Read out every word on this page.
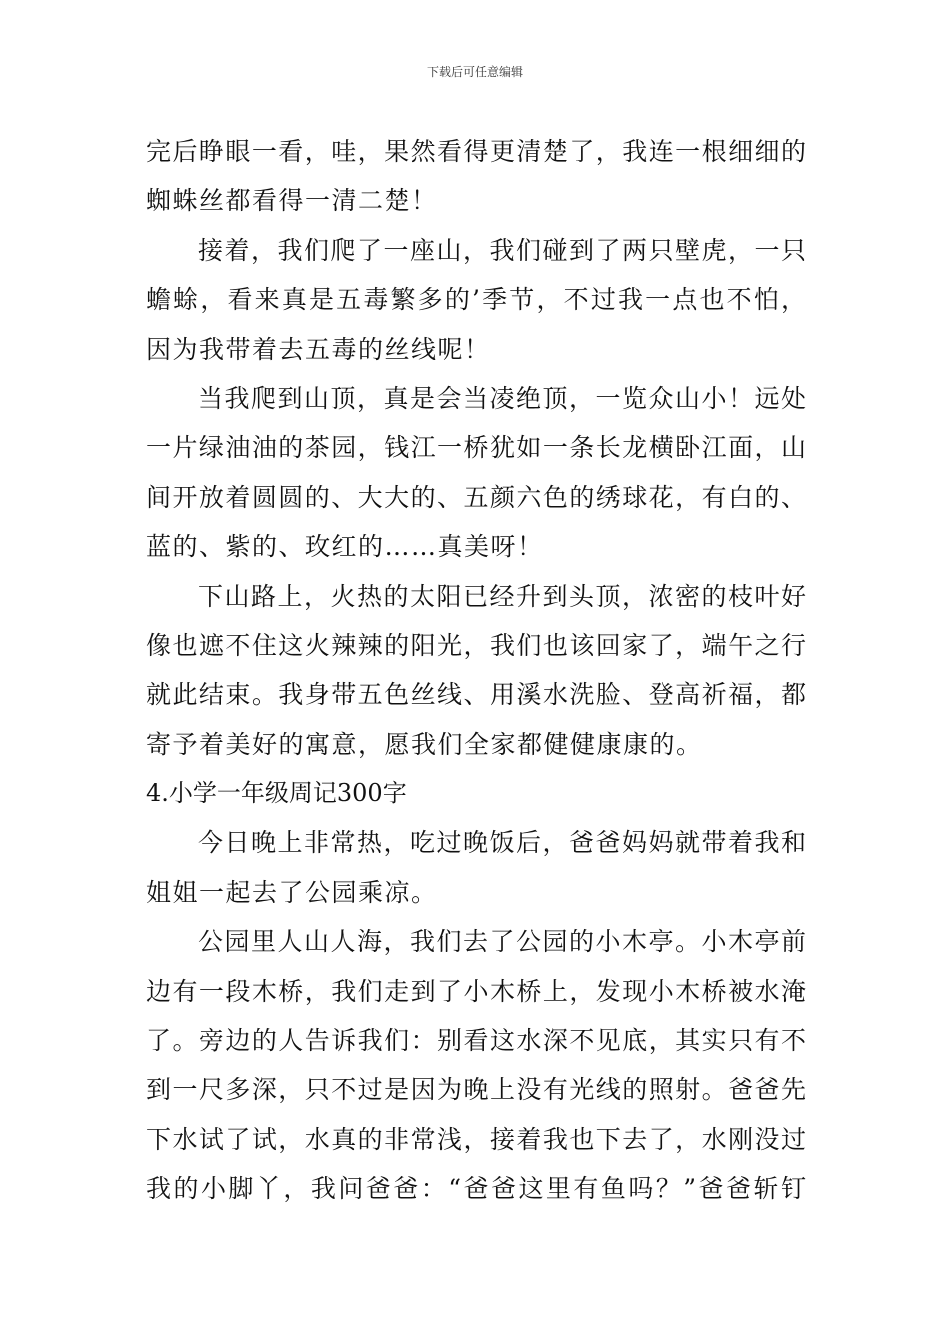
下载后可任意编辑
完后睁眼一看，哇，果然看得更清楚了，我连一根细细的
蜘蛛丝都看得一清二楚！
接着，我们爬了一座山，我们碰到了两只壁虎，一只
蟾蜍，看来真是五毒繁多的’季节，不过我一点也不怕，
因为我带着去五毒的丝线呢！
当我爬到山顶，真是会当凌绝顶，一览众山小！远处
一片绿油油的茶园，钱江一桥犹如一条长龙横卧江面，山
间开放着圆圆的、大大的、五颜六色的绣球花，有白的、
蓝的、紫的、玫红的……真美呀！
下山路上，火热的太阳已经升到头顶，浓密的枝叶好
像也遮不住这火辣辣的阳光，我们也该回家了，端午之行
就此结束。我身带五色丝线、用溪水洗脸、登高祈福，都
寄予着美好的寓意，愿我们全家都健健康康的。
4.小学一年级周记300字
今日晚上非常热，吃过晚饭后，爸爸妈妈就带着我和
姐姐一起去了公园乘凉。
公园里人山人海，我们去了公园的小木亭。小木亭前
边有一段木桥，我们走到了小木桥上，发现小木桥被水淹
了。旁边的人告诉我们：别看这水深不见底，其实只有不
到一尺多深，只不过是因为晚上没有光线的照射。爸爸先
下水试了试，水真的非常浅，接着我也下去了，水刚没过
我的小脚丫，我问爸爸：“爸爸这里有鱼吗？”爸爸斩钉
